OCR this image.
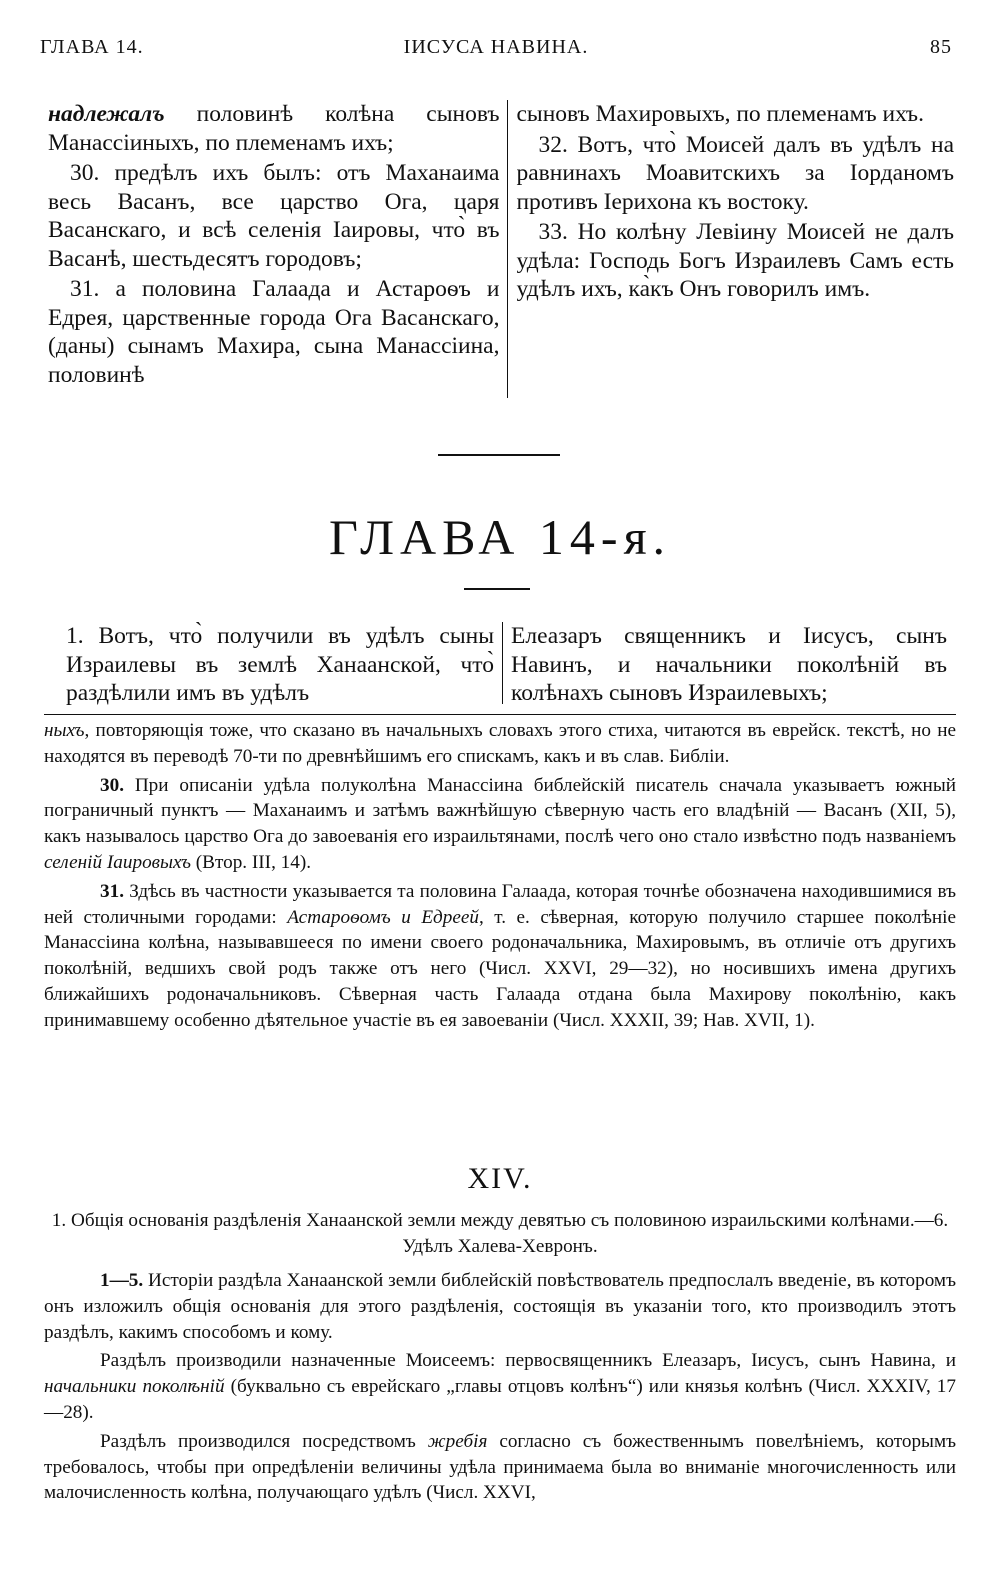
ГЛАВА 14.	IИСУСА НАВИНА.	85

надлежалъ половинѣ колѣна сыновъ Манассіиныхъ, по племенамъ ихъ;

30. предѣлъ ихъ былъ: отъ Маханаима весь Васанъ, все царство Ога, царя Васанскаго, и всѣ селенія Іаировы, что̀ въ Васанѣ, шестьдесятъ городовъ;

31. а половина Галаада и Астароѳъ и Едрея, царственные города Ога Васанскаго, (даны) сынамъ Махира, сына Манассіина, половинѣ

сыновъ Махировыхъ, по племенамъ ихъ.

32. Вотъ, что̀ Моисей далъ въ удѣлъ на равнинахъ Моавитскихъ за Іорданомъ противъ Іерихона къ востоку.

33. Но колѣну Левіину Моисей не далъ удѣла: Господь Богъ Израилевъ Самъ есть удѣлъ ихъ, ка̀къ Онъ говорилъ имъ.

ГЛАВА 14-я.

1. Вотъ, что̀ получили въ удѣлъ сыны Израилевы въ землѣ Ханаанской, что̀ раздѣлили имъ въ удѣлъ

Елеазаръ священникъ и Іисусъ, сынъ Навинъ, и начальники поколѣній въ колѣнахъ сыновъ Израилевыхъ;

ныхъ, повторяющія тоже, что сказано въ начальныхъ словахъ этого стиха, читаются въ еврейск. текстѣ, но не находятся въ переводѣ 70-ти по древнѣйшимъ его спискамъ, какъ и въ слав. Библіи.

30. При описаніи удѣла полуколѣна Манассіина библейскій писатель сначала указываетъ южный пограничный пунктъ — Маханаимъ и затѣмъ важнѣйшую сѣверную часть его владѣній — Васанъ (XII, 5), какъ называлось царство Ога до завоеванія его израильтянами, послѣ чего оно стало извѣстно подъ названіемъ селеній Іаировыхъ (Втор. III, 14).

31. Здѣсь въ частности указывается та половина Галаада, которая точнѣе обозначена находившимися въ ней столичными городами: Астароѳомъ и Едреей, т. е. сѣверная, которую получило старшее поколѣніе Манассіина колѣна, называвшееся по имени своего родоначальника, Махировымъ, въ отличіе отъ другихъ поколѣній, ведшихъ свой родъ также отъ него (Числ. XXVI, 29—32), но носившихъ имена другихъ ближайшихъ родоначальниковъ. Сѣверная часть Галаада отдана была Махирову поколѣнію, какъ принимавшему особенно дѣятельное участіе въ ея завоеваніи (Числ. XXXII, 39; Нав. XVII, 1).

XIV.
1. Общія основанія раздѣленія Ханаанской земли между девятью съ половиною израильскими колѣнами.—6. Удѣлъ Халева-Хевронъ.

1—5. Исторіи раздѣла Ханаанской земли библейскій повѣствователь предпослалъ введеніе, въ которомъ онъ изложилъ общія основанія для этого раздѣленія, состоящія въ указаніи того, кто производилъ этотъ раздѣлъ, какимъ способомъ и кому.

Раздѣлъ производили назначенные Моисеемъ: первосвященникъ Елеазаръ, Іисусъ, сынъ Навина, и начальники поколѣній (буквально съ еврейскаго „главы отцовъ колѣнъ“) или князья колѣнъ (Числ. XXXIV, 17—28).

Раздѣлъ производился посредствомъ жребія согласно съ божественнымъ повелѣніемъ, которымъ требовалось, чтобы при опредѣленіи величины удѣла принимаема была во вниманіе многочисленность или малочисленность колѣна, получающаго удѣлъ (Числ. XXVI,
